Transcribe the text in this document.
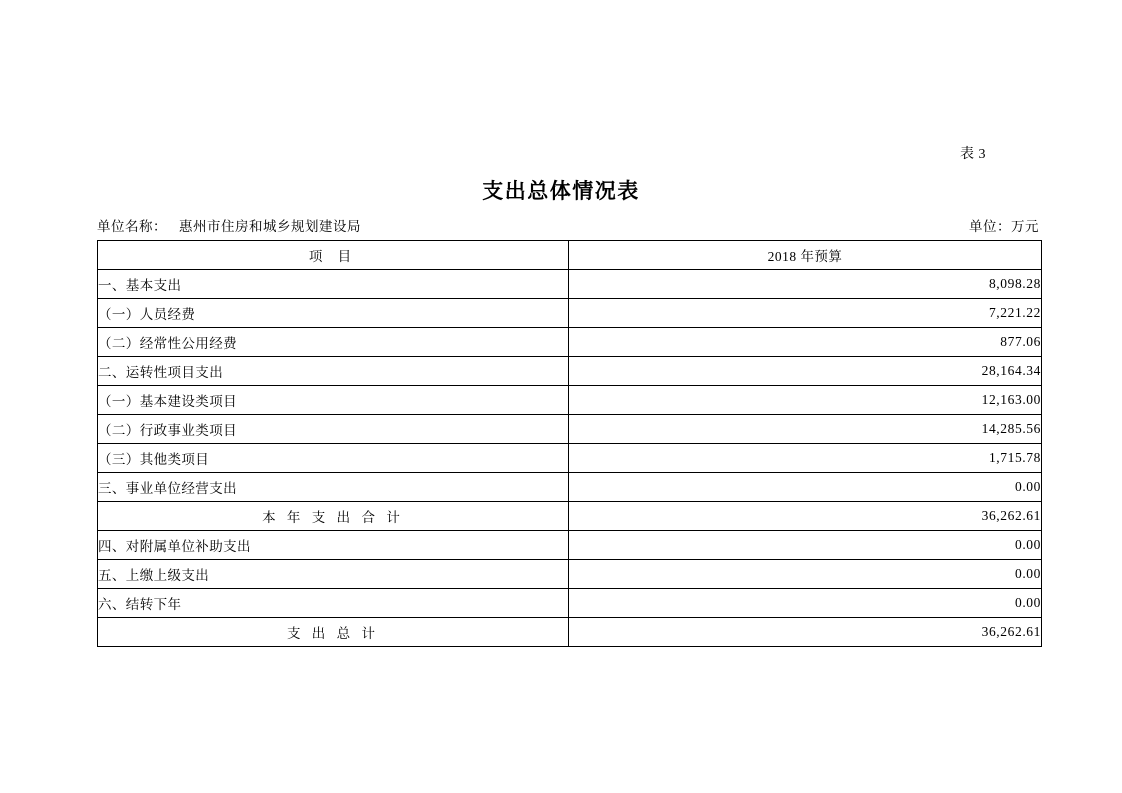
表 3
支出总体情况表
单位名称： 惠州市住房和城乡规划建设局	单位：万元
项 目	2018 年预算
一、基本支出	8,098.28
（一）人员经费	7,221.22
（二）经常性公用经费	877.06
二、运转性项目支出	28,164.34
（一）基本建设类项目	12,163.00
（二）行政事业类项目	14,285.56
（三）其他类项目	1,715.78
三、事业单位经营支出	0.00
本 年 支 出 合 计	36,262.61
四、对附属单位补助支出	0.00
五、上缴上级支出	0.00
六、结转下年	0.00
支 出 总 计	36,262.61
